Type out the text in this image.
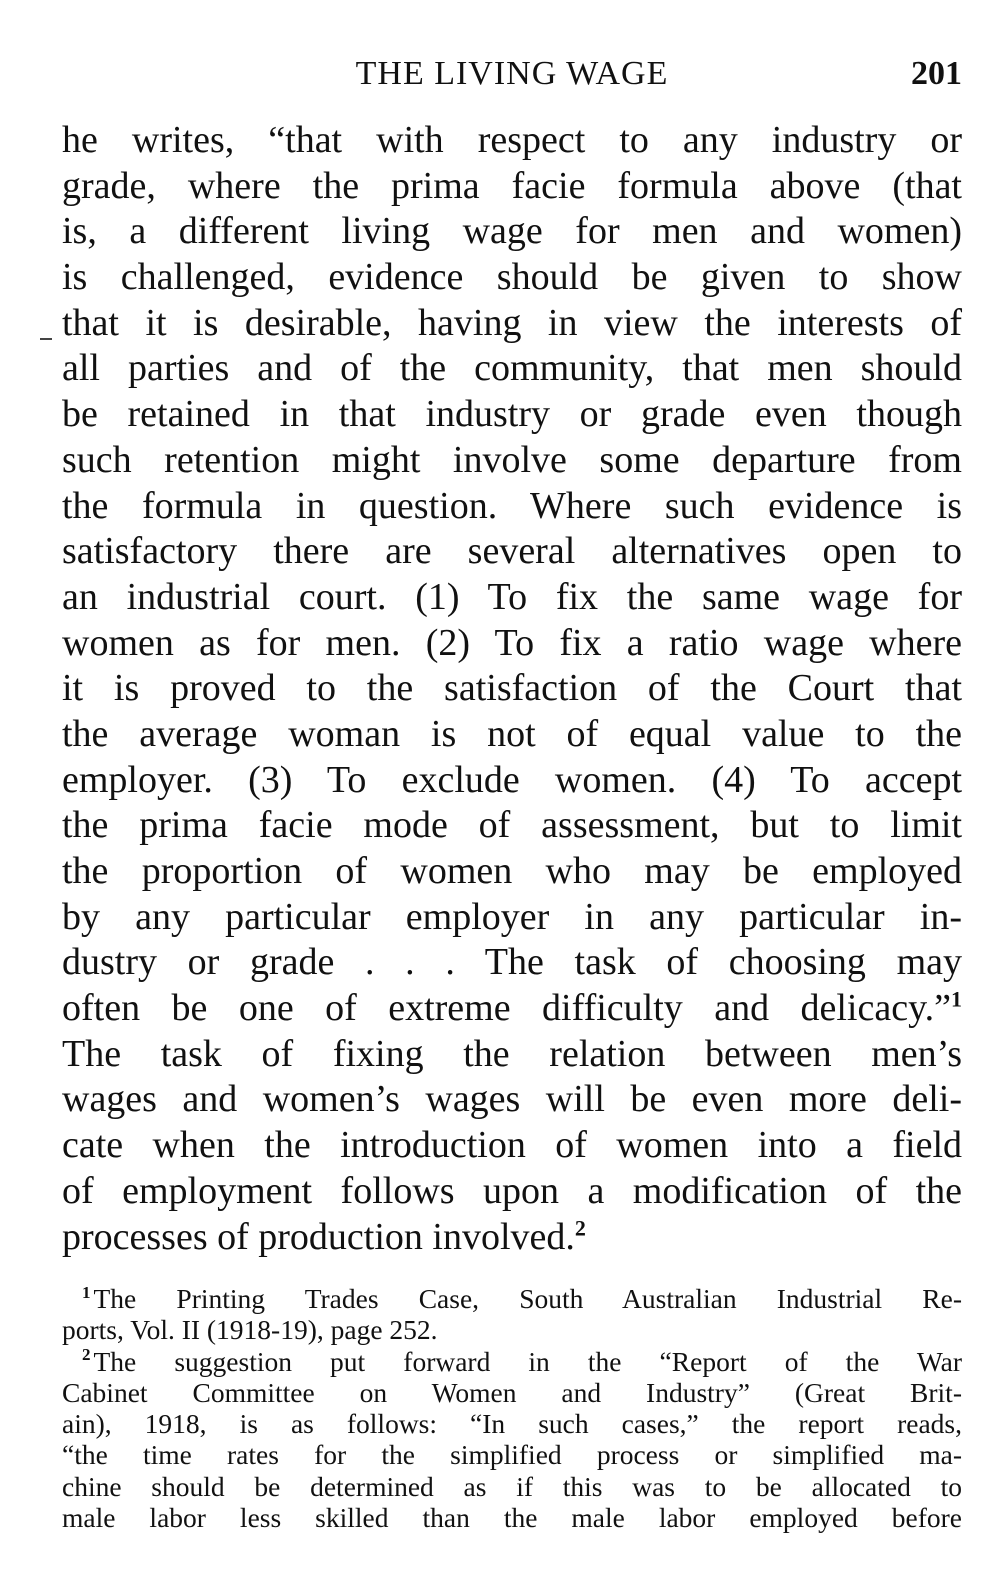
THE LIVING WAGE	201
he writes, “that with respect to any industry or
grade, where the prima facie formula above (that
is, a different living wage for men and women)
is challenged, evidence should be given to show
that it is desirable, having in view the interests of
all parties and of the community, that men should
be retained in that industry or grade even though
such retention might involve some departure from
the formula in question. Where such evidence is
satisfactory there are several alternatives open to
an industrial court. (1) To fix the same wage for
women as for men. (2) To fix a ratio wage where
it is proved to the satisfaction of the Court that
the average woman is not of equal value to the
employer. (3) To exclude women. (4) To accept
the prima facie mode of assessment, but to limit
the proportion of women who may be employed
by any particular employer in any particular in-
dustry or grade . . . The task of choosing may
often be one of extreme difficulty and delicacy.”$^1$
The task of fixing the relation between men’s
wages and women’s wages will be even more deli-
cate when the introduction of women into a field
of employment follows upon a modification of the
processes of production involved.$^2$
$^1$ The Printing Trades Case, South Australian Industrial Re-
ports, Vol. II (1918-19), page 252.
$^2$ The suggestion put forward in the “Report of the War
Cabinet Committee on Women and Industry” (Great Brit-
ain), 1918, is as follows: “In such cases,” the report reads,
“the time rates for the simplified process or simplified ma-
chine should be determined as if this was to be allocated to
male labor less skilled than the male labor employed before
